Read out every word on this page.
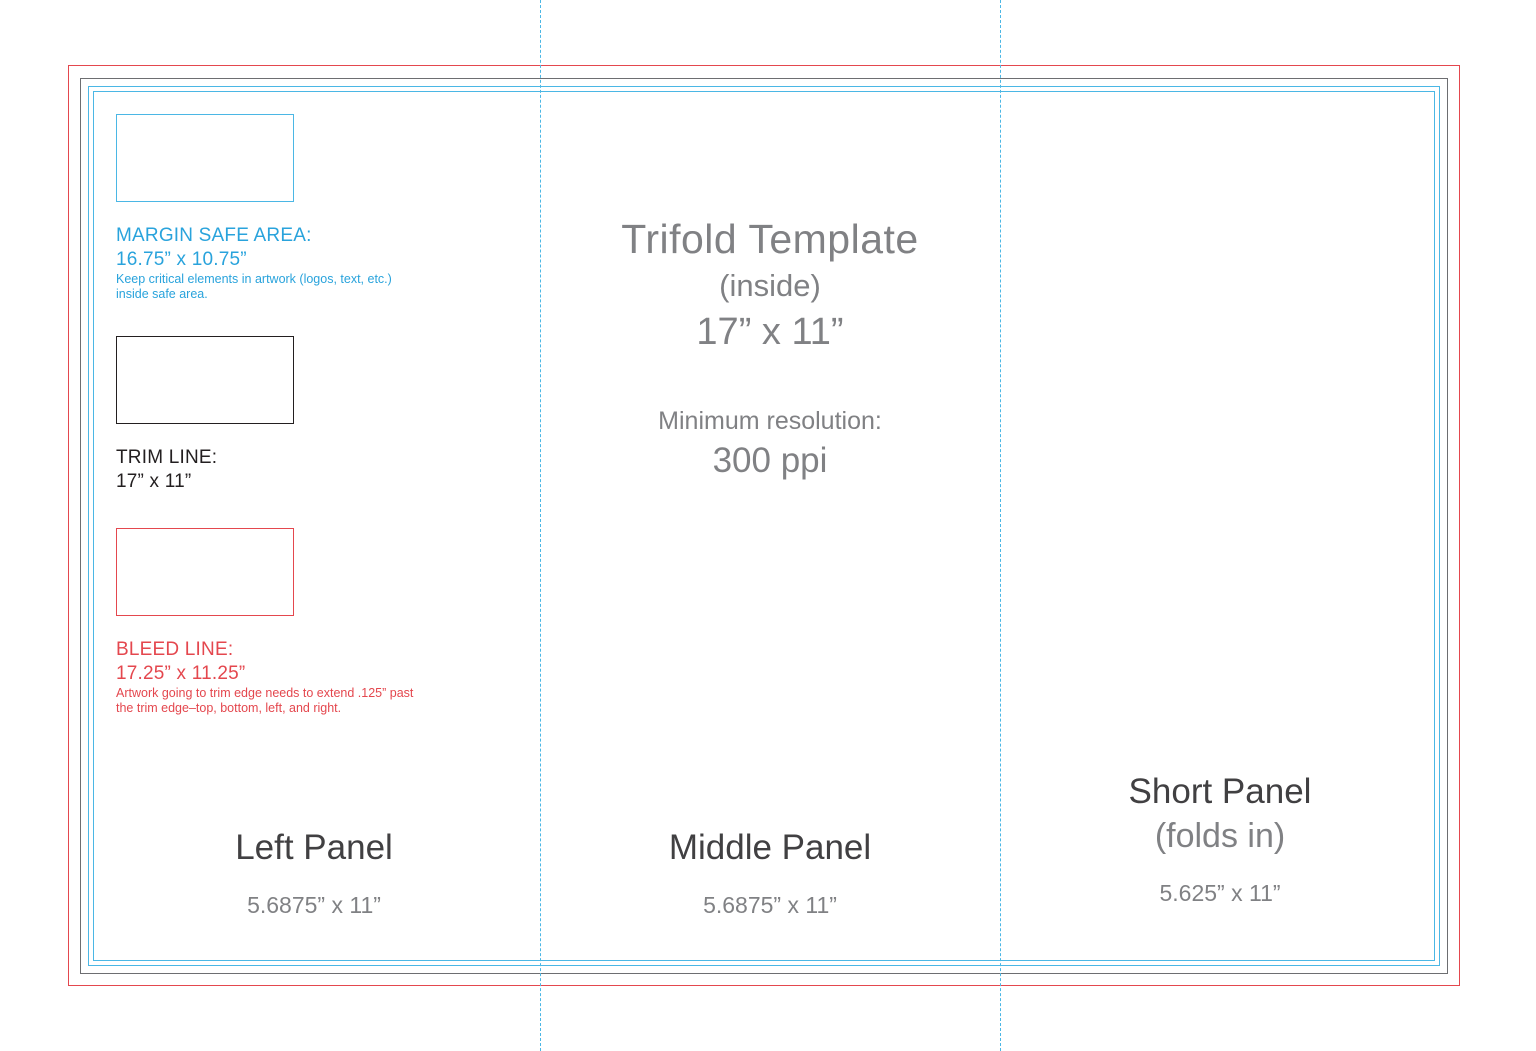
MARGIN SAFE AREA:
16.75” x 10.75”
Keep critical elements in artwork (logos, text, etc.) inside safe area.
TRIM LINE:
17” x 11”
BLEED LINE:
17.25” x 11.25”
Artwork going to trim edge needs to extend .125” past the trim edge–top, bottom, left, and right.
Trifold Template
(inside)
17” x 11”
Minimum resolution:
300 ppi
Left Panel
5.6875” x 11”
Middle Panel
5.6875” x 11”
Short Panel
(folds in)
5.625” x 11”
